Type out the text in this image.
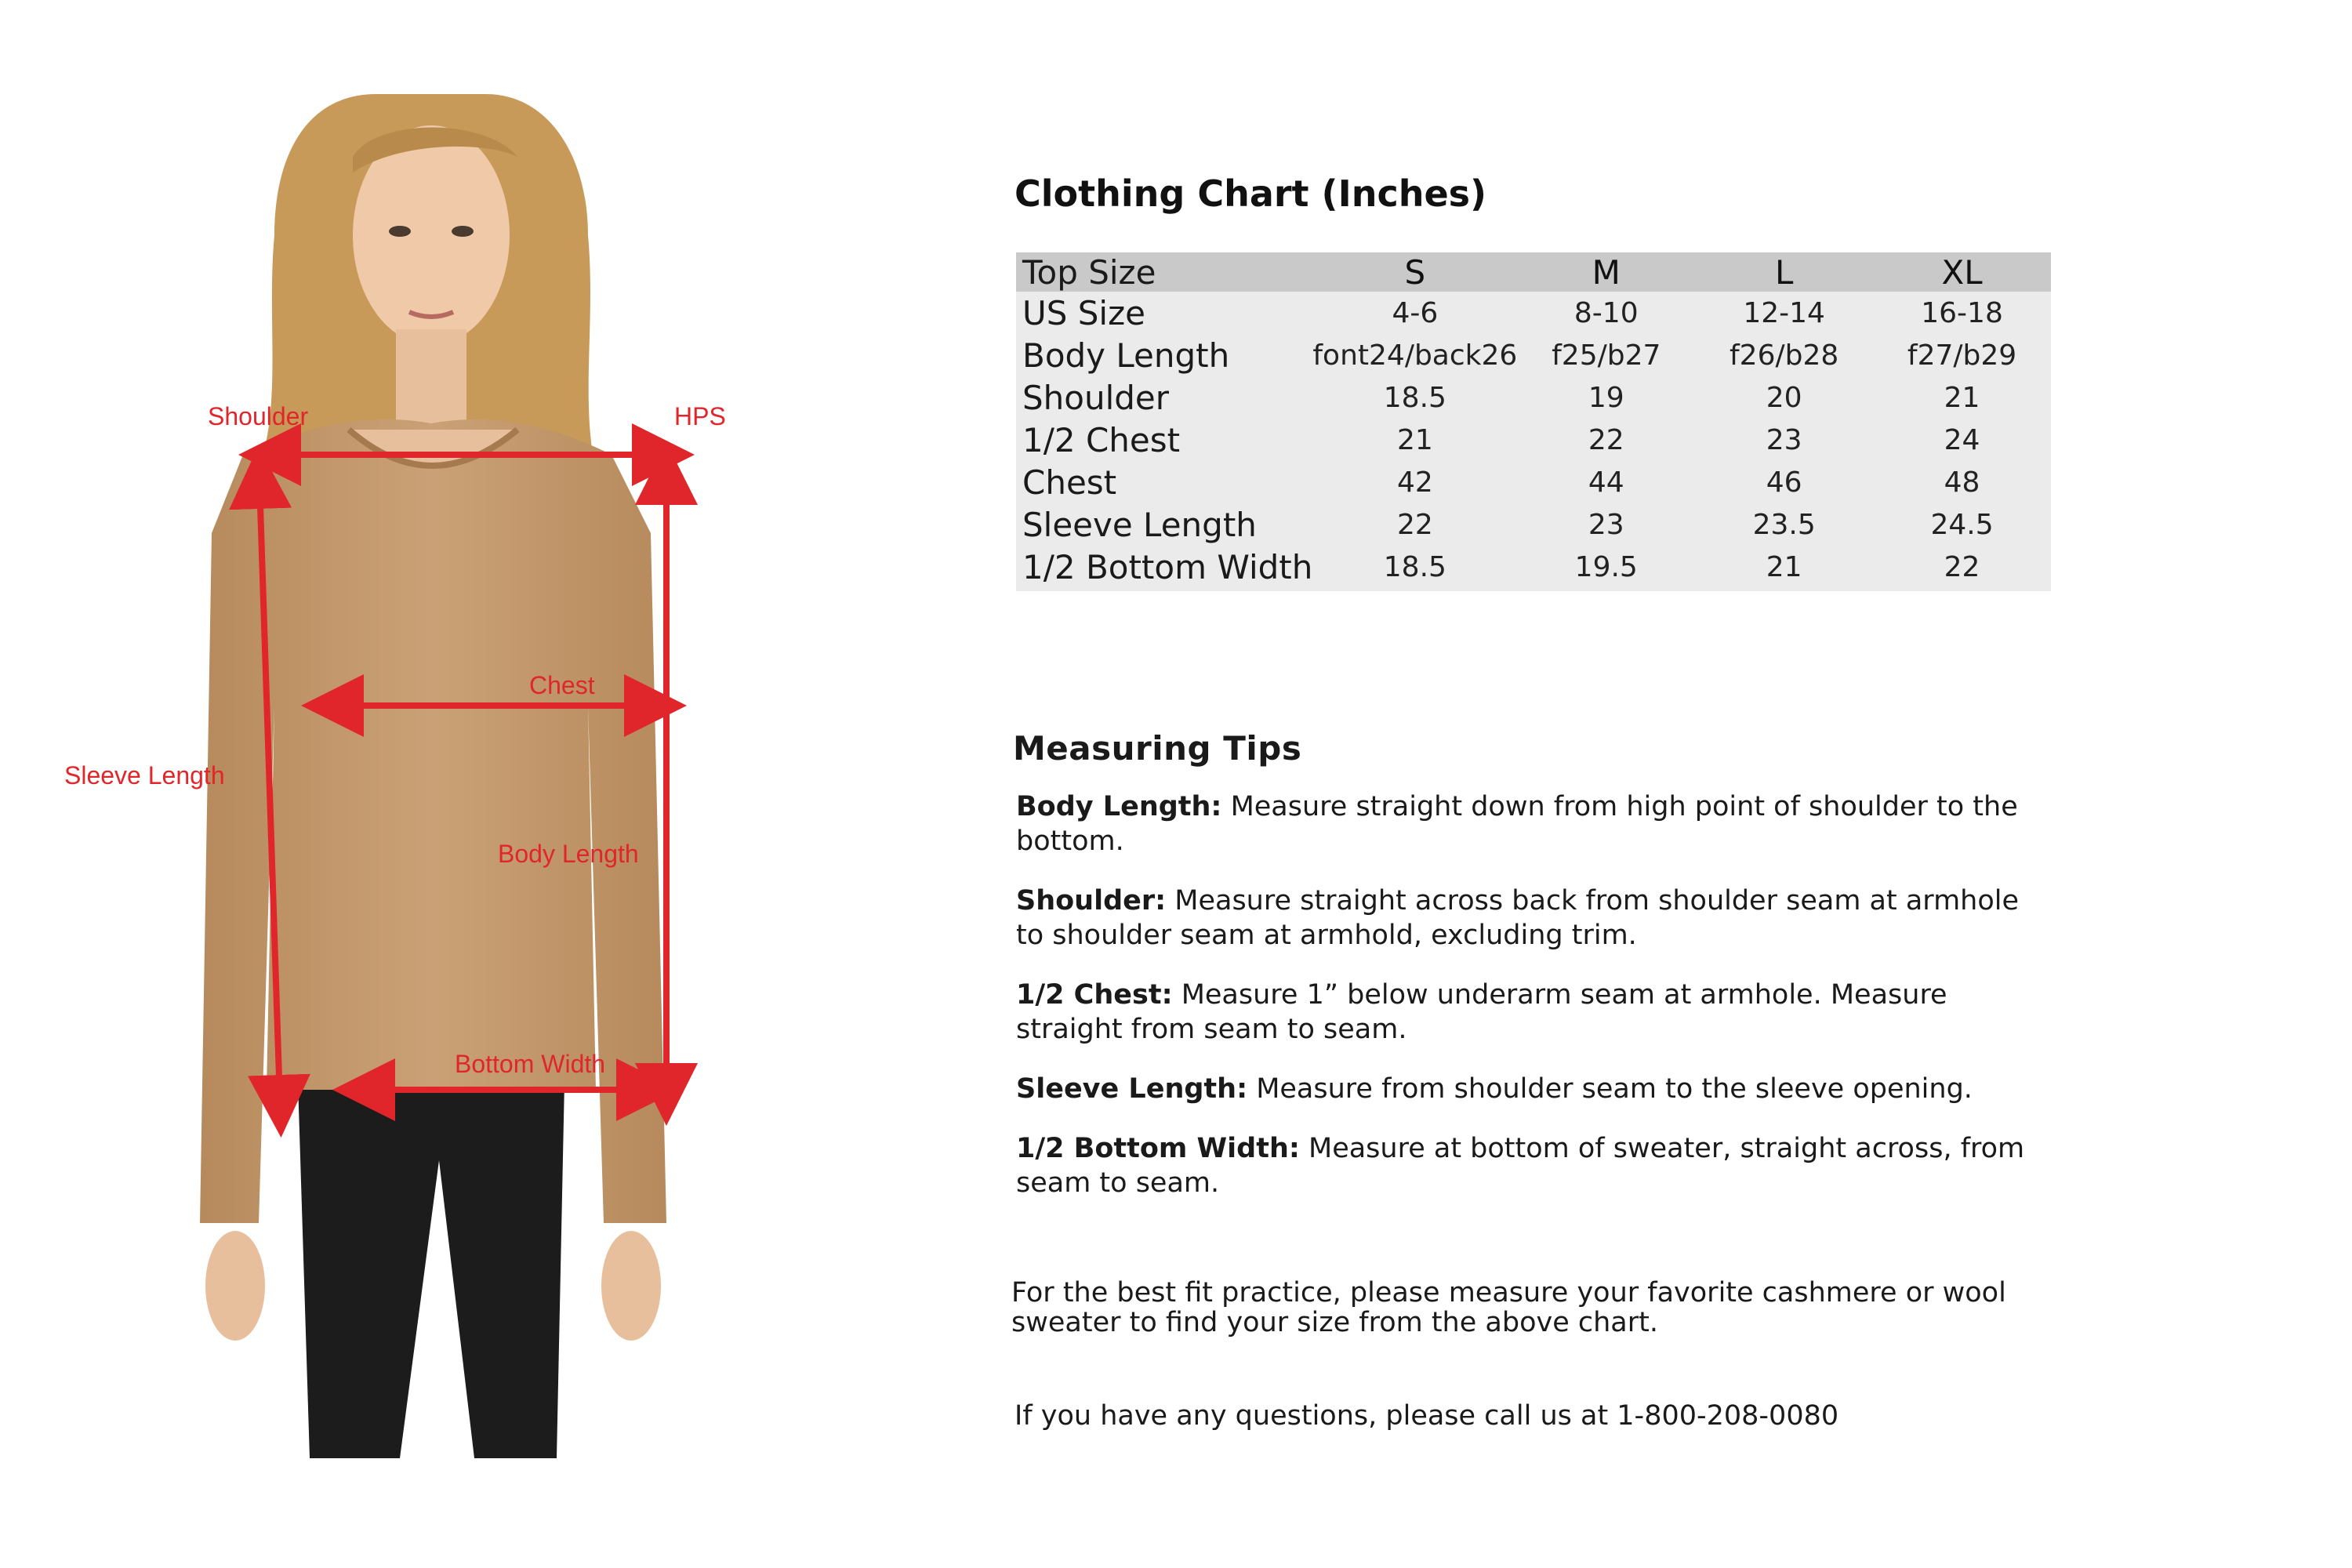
Shoulder	HPS
Chest
Sleeve Length
Body Length
Bottom Width
Clothing Chart (Inches)
Top Size	S	M	L	XL
US Size	4-6	8-10	12-14	16-18
Body Length	font24/back26	f25/b27	f26/b28	f27/b29
Shoulder	18.5	19	20	21
1/2 Chest	21	22	23	24
Chest	42	44	46	48
Sleeve Length	22	23	23.5	24.5
1/2 Bottom Width	18.5	19.5	21	22
Measuring Tips

Body Length: Measure straight down from high point of shoulder to the bottom.

Shoulder: Measure straight across back from shoulder seam at armhole to shoulder seam at armhold, excluding trim.

1/2 Chest: Measure 1” below underarm seam at armhole. Measure straight from seam to seam.

Sleeve Length: Measure from shoulder seam to the sleeve opening.

1/2 Bottom Width: Measure at bottom of sweater, straight across, from seam to seam.

For the best fit practice, please measure your favorite cashmere or wool sweater to find your size from the above chart.
If you have any questions, please call us at 1-800-208-0080
